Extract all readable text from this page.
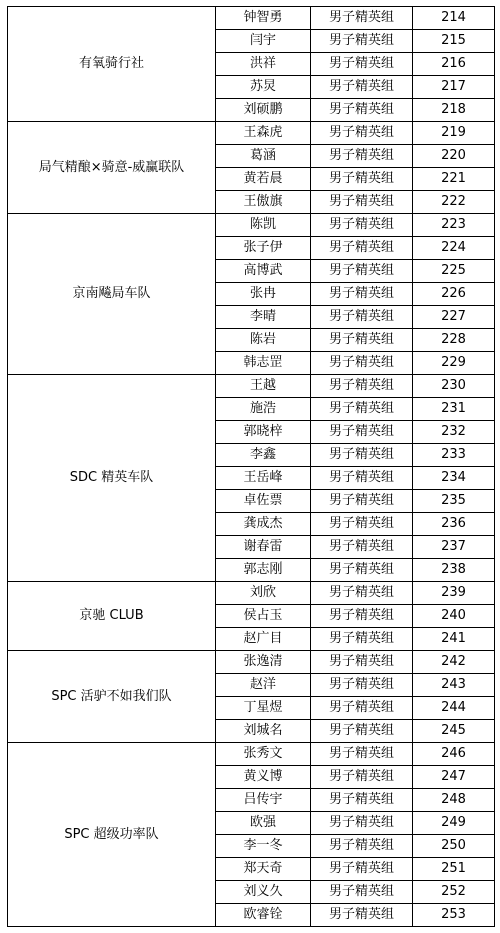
有氧骑行社	钟智勇	男子精英组	214
	闫宇	男子精英组	215
	洪祥	男子精英组	216
	苏炅	男子精英组	217
	刘硕鹏	男子精英组	218
局气精酿×骑意-威赢联队	王森虎	男子精英组	219
	葛涵	男子精英组	220
	黄若晨	男子精英组	221
	王傲旗	男子精英组	222
京南飚局车队	陈凯	男子精英组	223
	张子伊	男子精英组	224
	高博武	男子精英组	225
	张冉	男子精英组	226
	李晴	男子精英组	227
	陈岩	男子精英组	228
	韩志罡	男子精英组	229
SDC 精英车队	王越	男子精英组	230
	施浩	男子精英组	231
	郭晓梓	男子精英组	232
	李鑫	男子精英组	233
	王岳峰	男子精英组	234
	卓佐票	男子精英组	235
	龚成杰	男子精英组	236
	谢春雷	男子精英组	237
	郭志刚	男子精英组	238
京驰 CLUB	刘欣	男子精英组	239
	侯占玉	男子精英组	240
	赵广目	男子精英组	241
SPC 活驴不如我们队	张逸清	男子精英组	242
	赵洋	男子精英组	243
	丁星煜	男子精英组	244
	刘城名	男子精英组	245
SPC 超级功率队	张秀文	男子精英组	246
	黄义博	男子精英组	247
	吕传宇	男子精英组	248
	欧强	男子精英组	249
	李一冬	男子精英组	250
	郑天奇	男子精英组	251
	刘义久	男子精英组	252
	欧睿铨	男子精英组	253
